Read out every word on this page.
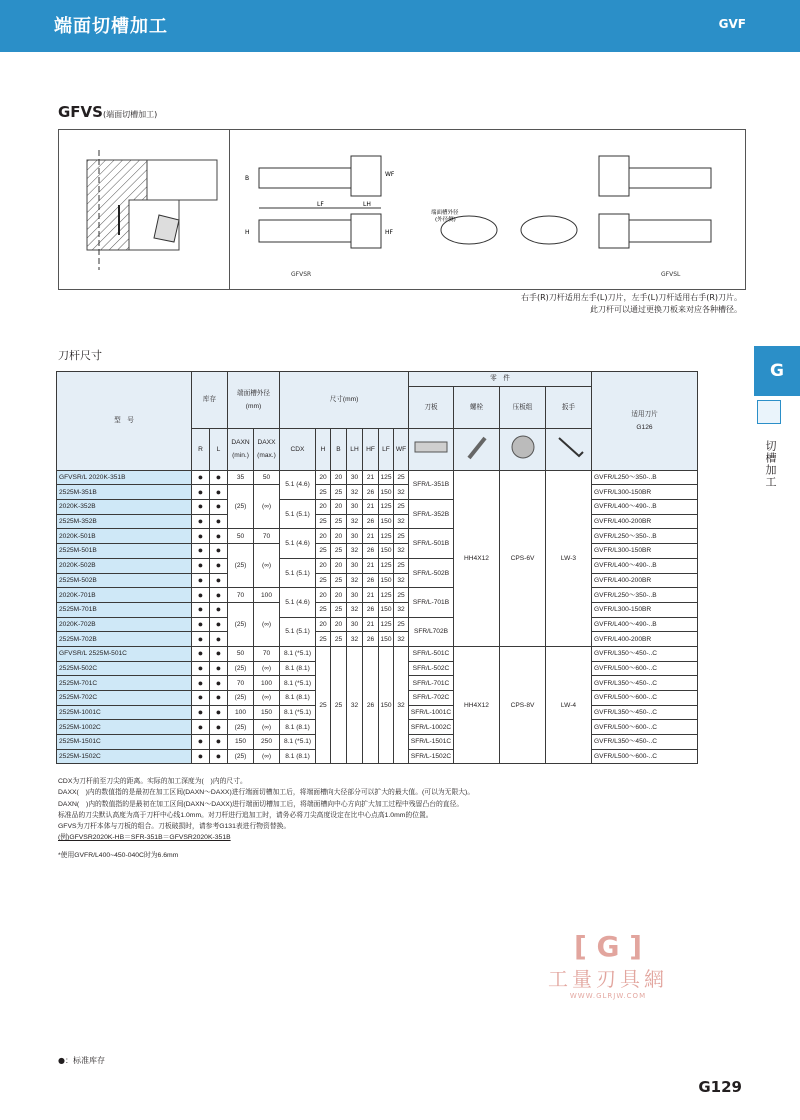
端面切槽加工	GVF
GFVS(端面切槽加工)
GFVSR	GFVSL
B
H
LF	LH
WF
HF
端面槽外径
(外径侧)
右手(R)刀杆适用左手(L)刀片，左手(L)刀杆适用右手(R)刀片。
此刀杆可以通过更换刀板来对应各种槽径。
刀杆尺寸
型　号	库存		端面槽外径
(mm)		尺寸(mm)							零　件				适用刀片
G126
												刀板	螺栓	压板组	扳手	
	R	L	DAXN
(min.)	DAXX
(max.)	CDX	H	B	LH	HF	LF	WF				
GFVSR/L 2020K-351B	●	●	35	50	5.1 (4.6)	20	20	30	21	125	25	SFR/L-351B	HH4X12	CPS-6V	LW-3	GVFR/L250～350-..B
2525M-351B	●	●	(25)	(∞)		25	25	32	26	150	32					GVFR/L300-150BR
2020K-352B	●	●			5.1 (5.1)	20	20	30	21	125	25	SFR/L-352B				GVFR/L400～490-..B
2525M-352B	●	●				25	25	32	26	150	32					GVFR/L400-200BR
2020K-501B	●	●	50	70	5.1 (4.6)	20	20	30	21	125	25	SFR/L-501B				GVFR/L250～350-..B
2525M-501B	●	●	(25)	(∞)		25	25	32	26	150	32					GVFR/L300-150BR
2020K-502B	●	●			5.1 (5.1)	20	20	30	21	125	25	SFR/L-502B				GVFR/L400～490-..B
2525M-502B	●	●				25	25	32	26	150	32					GVFR/L400-200BR
2020K-701B	●	●	70	100	5.1 (4.6)	20	20	30	21	125	25	SFR/L-701B				GVFR/L250～350-..B
2525M-701B	●	●	(25)	(∞)		25	25	32	26	150	32					GVFR/L300-150BR
2020K-702B	●	●			5.1 (5.1)	20	20	30	21	125	25	SFR/L702B				GVFR/L400～490-..B
2525M-702B	●	●				25	25	32	26	150	32					GVFR/L400-200BR
GFVSR/L 2525M-501C	●	●	50	70	8.1 (*5.1)	25	25	32	26	150	32	SFR/L-501C	HH4X12	CPS-8V	LW-4	GVFR/L350～450-..C
2525M-502C	●	●	(25)	(∞)	8.1 (8.1)							SFR/L-502C				GVFR/L500～600-..C
2525M-701C	●	●	70	100	8.1 (*5.1)							SFR/L-701C				GVFR/L350～450-..C
2525M-702C	●	●	(25)	(∞)	8.1 (8.1)							SFR/L-702C				GVFR/L500～600-..C
2525M-1001C	●	●	100	150	8.1 (*5.1)							SFR/L-1001C				GVFR/L350～450-..C
2525M-1002C	●	●	(25)	(∞)	8.1 (8.1)							SFR/L-1002C				GVFR/L500～600-..C
2525M-1501C	●	●	150	250	8.1 (*5.1)							SFR/L-1501C				GVFR/L350～450-..C
2525M-1502C	●	●	(25)	(∞)	8.1 (8.1)							SFR/L-1502C				GVFR/L500～600-..C
CDX为刀杆前至刀尖的距离。实际的加工深度为(　)内的尺寸。
DAXX(　)内的数值指的是最初在加工区间(DAXN～DAXX)进行端面切槽加工后，将端面槽向大径部分可以扩大的最大值。(可以为无限大)。
DAXN(　)内的数值指的是最初在加工区间(DAXN～DAXX)进行端面切槽加工后，将端面槽向中心方向扩大加工过程中残留凸台的直径。
标准品的刀尖默认高度为高于刀杆中心线1.0mm。对刀杆进行追加工时，请务必将刀尖高度设定在比中心点高1.0mm的位置。
GFVS为刀杆本体与刀板的组合。刀板破损时，请参考G131表进行物资替换。
(例)GFVSR2020K-HB＝SFR-351B＝GFVSR2020K-351B
*使用GVFR/L400~450-040C时为6.6mm
G
切槽加工
[ G ]
工量刃具網
WWW.GLRJW.COM
●：标准库存
G129
